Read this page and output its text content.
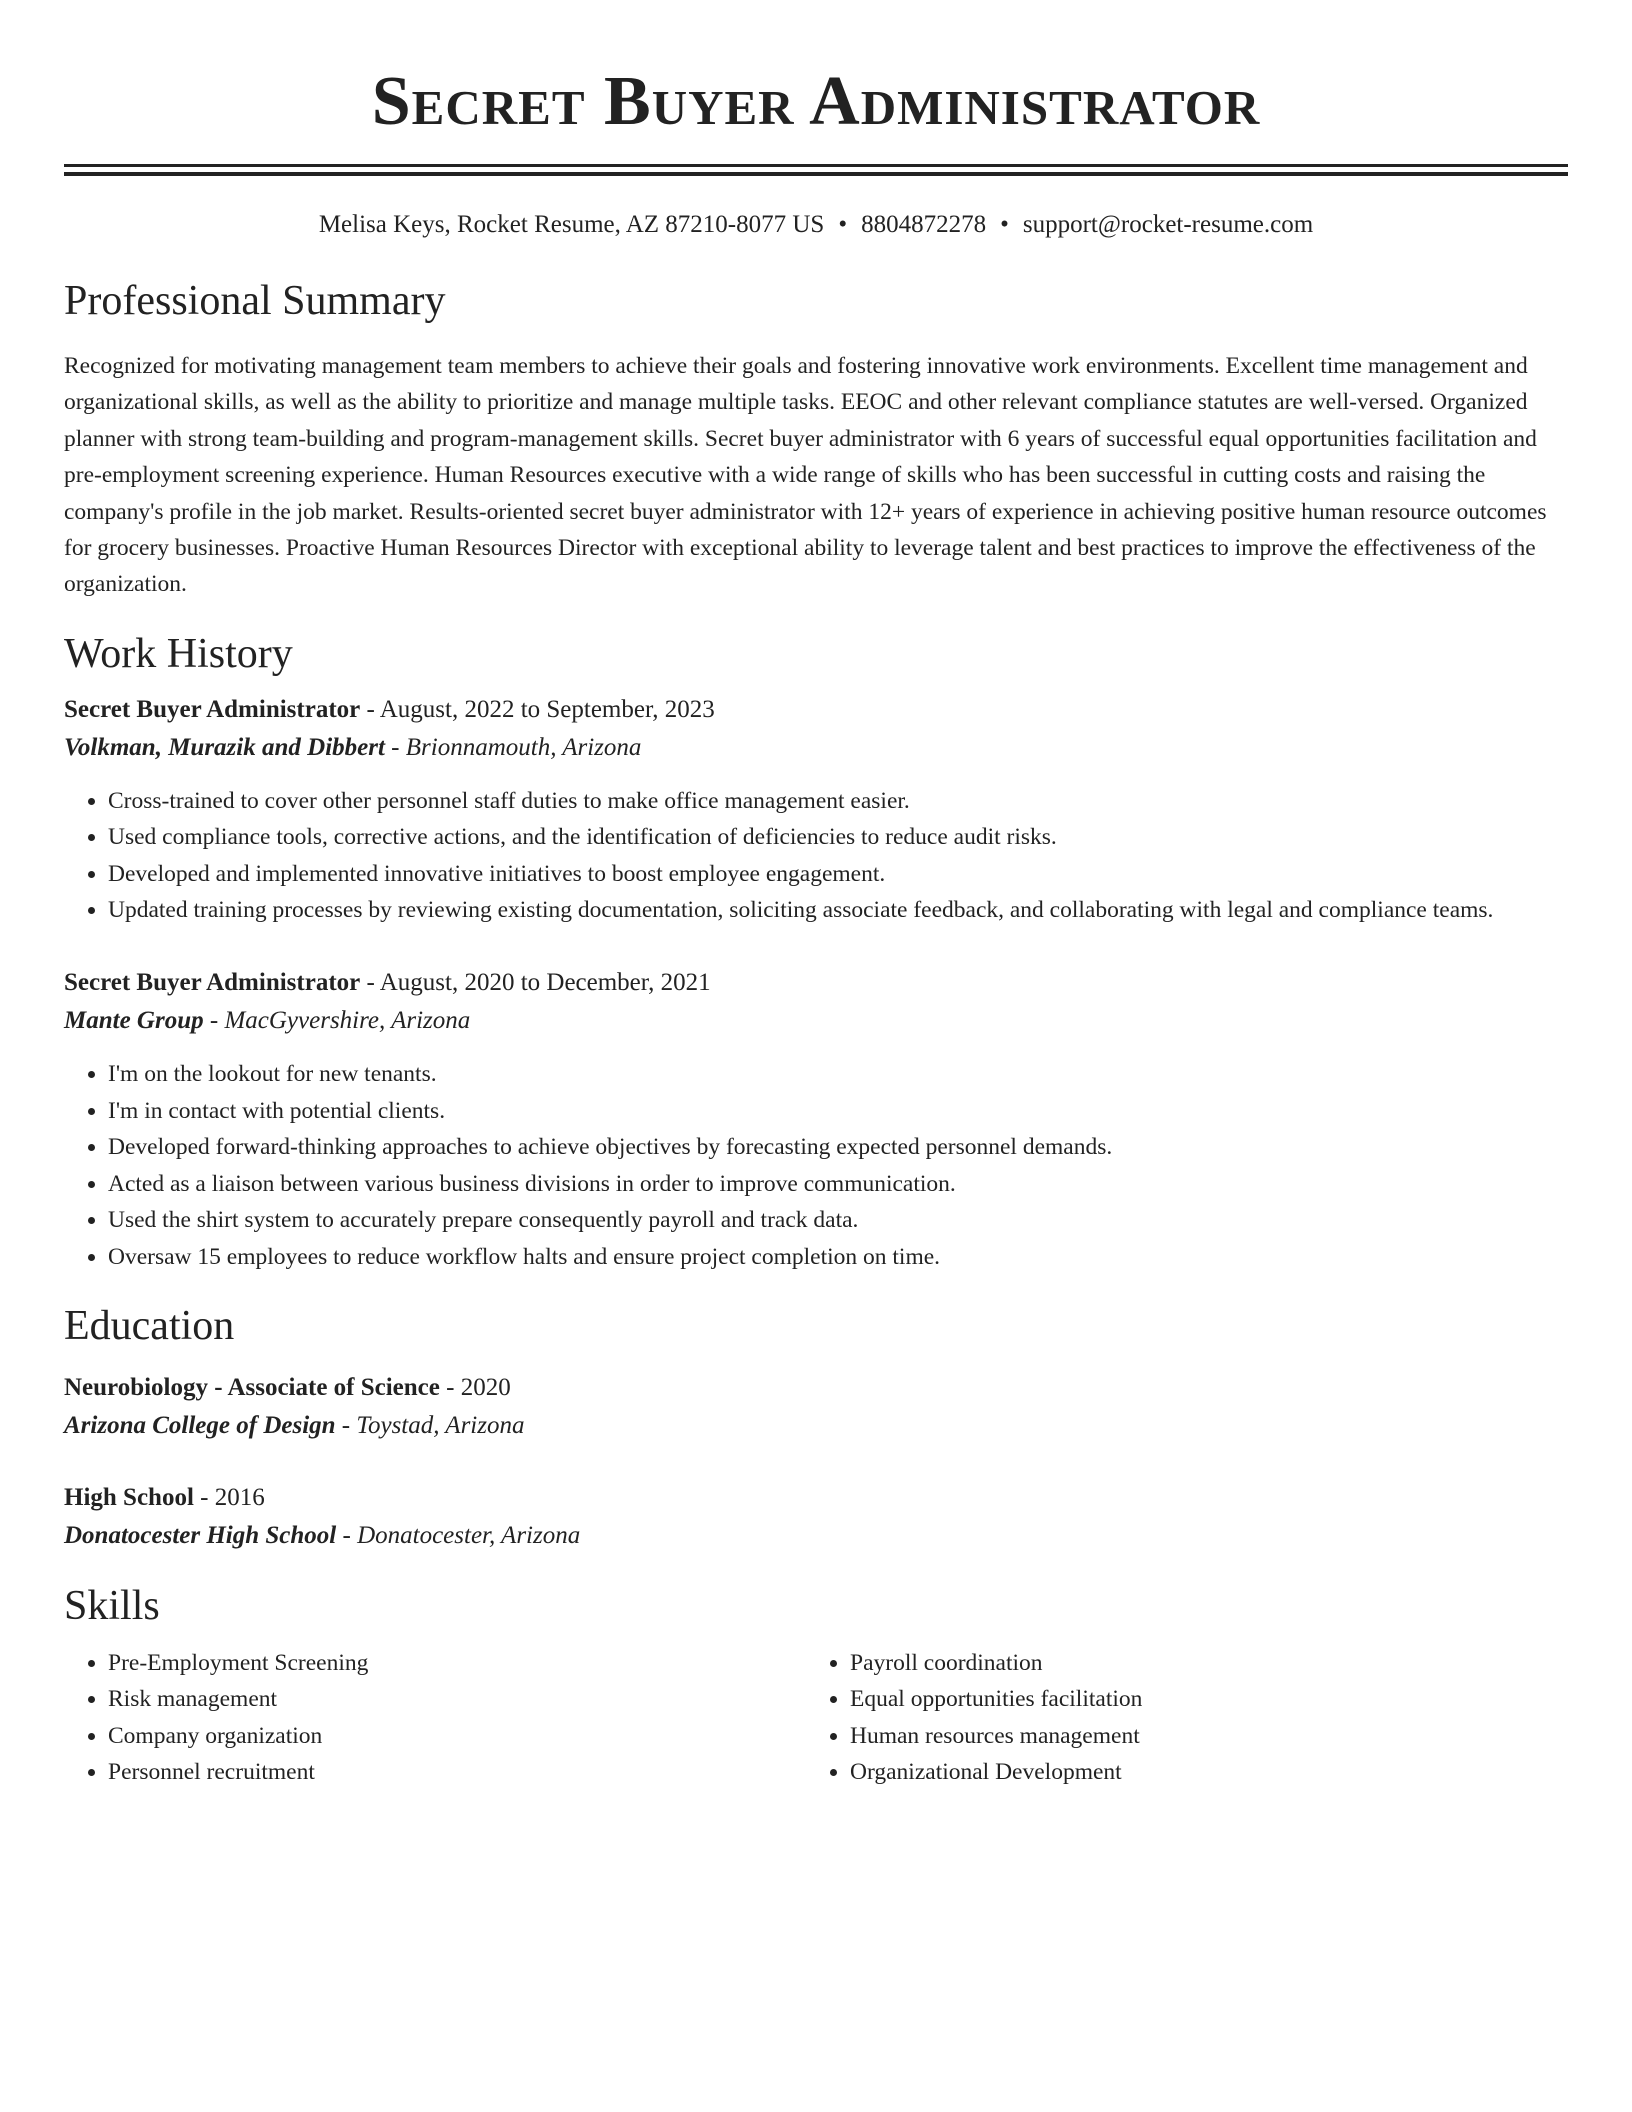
Secret Buyer Administrator
Melisa Keys, Rocket Resume, AZ 87210-8077 US • 8804872278 • support@rocket-resume.com
Professional Summary
Recognized for motivating management team members to achieve their goals and fostering innovative work environments. Excellent time management and organizational skills, as well as the ability to prioritize and manage multiple tasks. EEOC and other relevant compliance statutes are well-versed. Organized planner with strong team-building and program-management skills. Secret buyer administrator with 6 years of successful equal opportunities facilitation and pre-employment screening experience. Human Resources executive with a wide range of skills who has been successful in cutting costs and raising the company's profile in the job market. Results-oriented secret buyer administrator with 12+ years of experience in achieving positive human resource outcomes for grocery businesses. Proactive Human Resources Director with exceptional ability to leverage talent and best practices to improve the effectiveness of the organization.
Work History
Secret Buyer Administrator - August, 2022 to September, 2023
Volkman, Murazik and Dibbert - Brionnamouth, Arizona
• Cross-trained to cover other personnel staff duties to make office management easier.
• Used compliance tools, corrective actions, and the identification of deficiencies to reduce audit risks.
• Developed and implemented innovative initiatives to boost employee engagement.
• Updated training processes by reviewing existing documentation, soliciting associate feedback, and collaborating with legal and compliance teams.
Secret Buyer Administrator - August, 2020 to December, 2021
Mante Group - MacGyvershire, Arizona
• I'm on the lookout for new tenants.
• I'm in contact with potential clients.
• Developed forward-thinking approaches to achieve objectives by forecasting expected personnel demands.
• Acted as a liaison between various business divisions in order to improve communication.
• Used the shirt system to accurately prepare consequently payroll and track data.
• Oversaw 15 employees to reduce workflow halts and ensure project completion on time.
Education
Neurobiology - Associate of Science - 2020
Arizona College of Design - Toystad, Arizona
High School - 2016
Donatocester High School - Donatocester, Arizona
Skills
• Pre-Employment Screening
• Risk management
• Company organization
• Personnel recruitment
• Payroll coordination
• Equal opportunities facilitation
• Human resources management
• Organizational Development
